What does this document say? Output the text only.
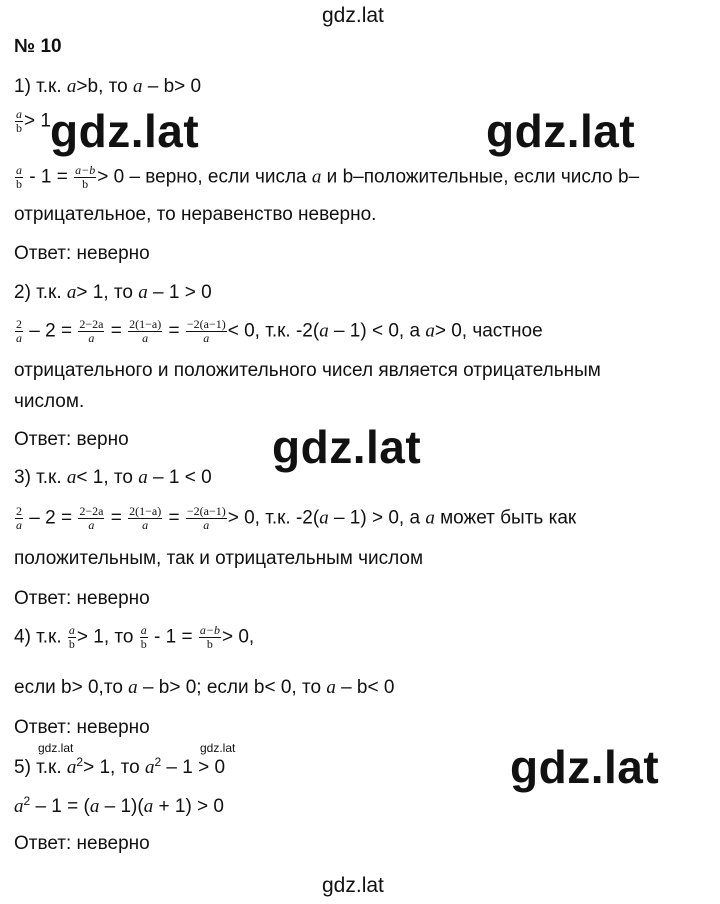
gdz.lat
gdz.lat	gdz.lat
gdz.lat
gdz.lat
gdz.lat	gdz.lat
gdz.lat
№ 10
1) т.к. a>b, то a – b> 0
$\frac{a}{b} > 1$
$\frac{a}{b} - 1 = \frac{a-b}{b} > 0$ – верно, если числа a и b–положительные, если число b–
отрицательное, то неравенство неверно.
Ответ: неверно
2) т.к. a> 1, то a – 1 > 0
$\frac{2}{a} - 2 = \frac{2-2a}{a} = \frac{2(1-a)}{a} = \frac{-2(a-1)}{a} < 0$, т.к. -2(a – 1) < 0, а a> 0, частное
отрицательного и положительного чисел является отрицательным
числом.
Ответ: верно
3) т.к. a< 1, то a – 1 < 0
$\frac{2}{a} - 2 = \frac{2-2a}{a} = \frac{2(1-a)}{a} = \frac{-2(a-1)}{a} > 0$, т.к. -2(a – 1) > 0, а a может быть как
положительным, так и отрицательным числом
Ответ: неверно
4) т.к. $\frac{a}{b} > 1$, то $\frac{a}{b} - 1 = \frac{a-b}{b} > 0$,
если b> 0,то a – b> 0; если b< 0, то a – b< 0
Ответ: неверно
5) т.к. $a^2> 1$, то $a^2 - 1 > 0$
$a^2 - 1 = (a - 1)(a + 1) > 0$
Ответ: неверно
